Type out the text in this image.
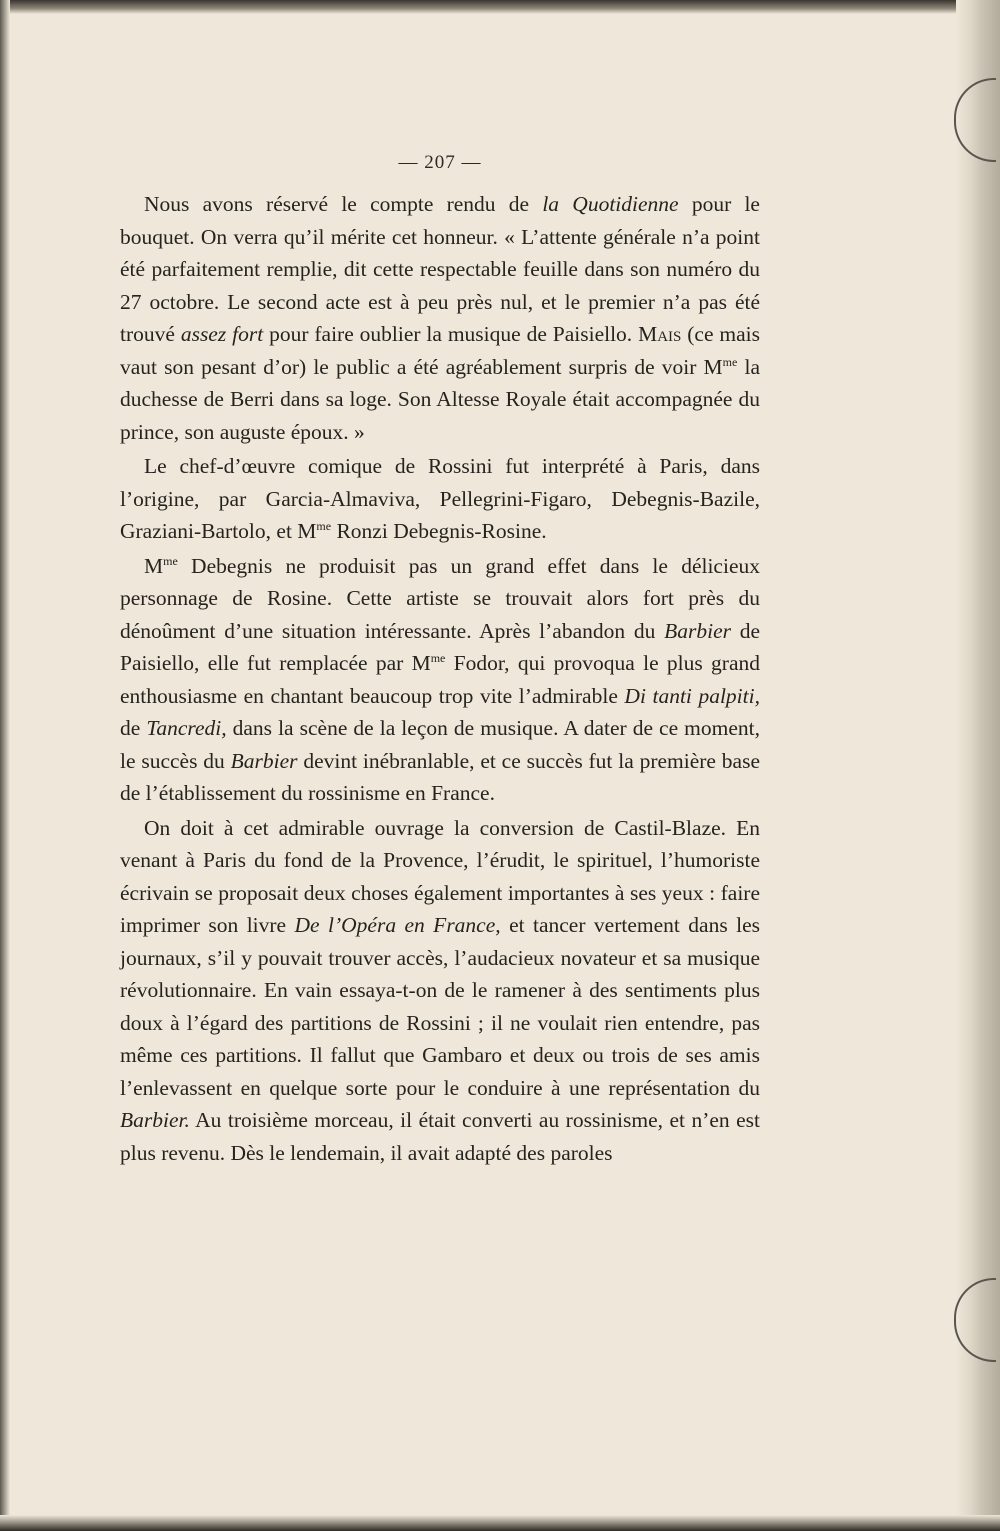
— 207 —

Nous avons réservé le compte rendu de la Quotidienne pour le bouquet. On verra qu’il mérite cet honneur. « L’attente générale n’a point été parfaitement remplie, dit cette respectable feuille dans son numéro du 27 octobre. Le second acte est à peu près nul, et le premier n’a pas été trouvé assez fort pour faire oublier la musique de Paisiello. Mais (ce mais vaut son pesant d’or) le public a été agréablement surpris de voir $M^{me}$ la duchesse de Berri dans sa loge. Son Altesse Royale était accompagnée du prince, son auguste époux. »

Le chef-d’œuvre comique de Rossini fut interprété à Paris, dans l’origine, par Garcia-Almaviva, Pellegrini-Figaro, Debegnis-Bazile, Graziani-Bartolo, et $M^{me}$ Ronzi Debegnis-Rosine.

$M^{me}$ Debegnis ne produisit pas un grand effet dans le délicieux personnage de Rosine. Cette artiste se trouvait alors fort près du dénoûment d’une situation intéressante. Après l’abandon du Barbier de Paisiello, elle fut remplacée par $M^{me}$ Fodor, qui provoqua le plus grand enthousiasme en chantant beaucoup trop vite l’admirable Di tanti palpiti, de Tancredi, dans la scène de la leçon de musique. A dater de ce moment, le succès du Barbier devint inébranlable, et ce succès fut la première base de l’établissement du rossinisme en France.

On doit à cet admirable ouvrage la conversion de Castil-Blaze. En venant à Paris du fond de la Provence, l’érudit, le spirituel, l’humoriste écrivain se proposait deux choses également importantes à ses yeux : faire imprimer son livre De l’Opéra en France, et tancer vertement dans les journaux, s’il y pouvait trouver accès, l’audacieux novateur et sa musique révolutionnaire. En vain essaya-t-on de le ramener à des sentiments plus doux à l’égard des partitions de Rossini ; il ne voulait rien entendre, pas même ces partitions. Il fallut que Gambaro et deux ou trois de ses amis l’enlevassent en quelque sorte pour le conduire à une représentation du Barbier. Au troisième morceau, il était converti au rossinisme, et n’en est plus revenu. Dès le lendemain, il avait adapté des paroles
